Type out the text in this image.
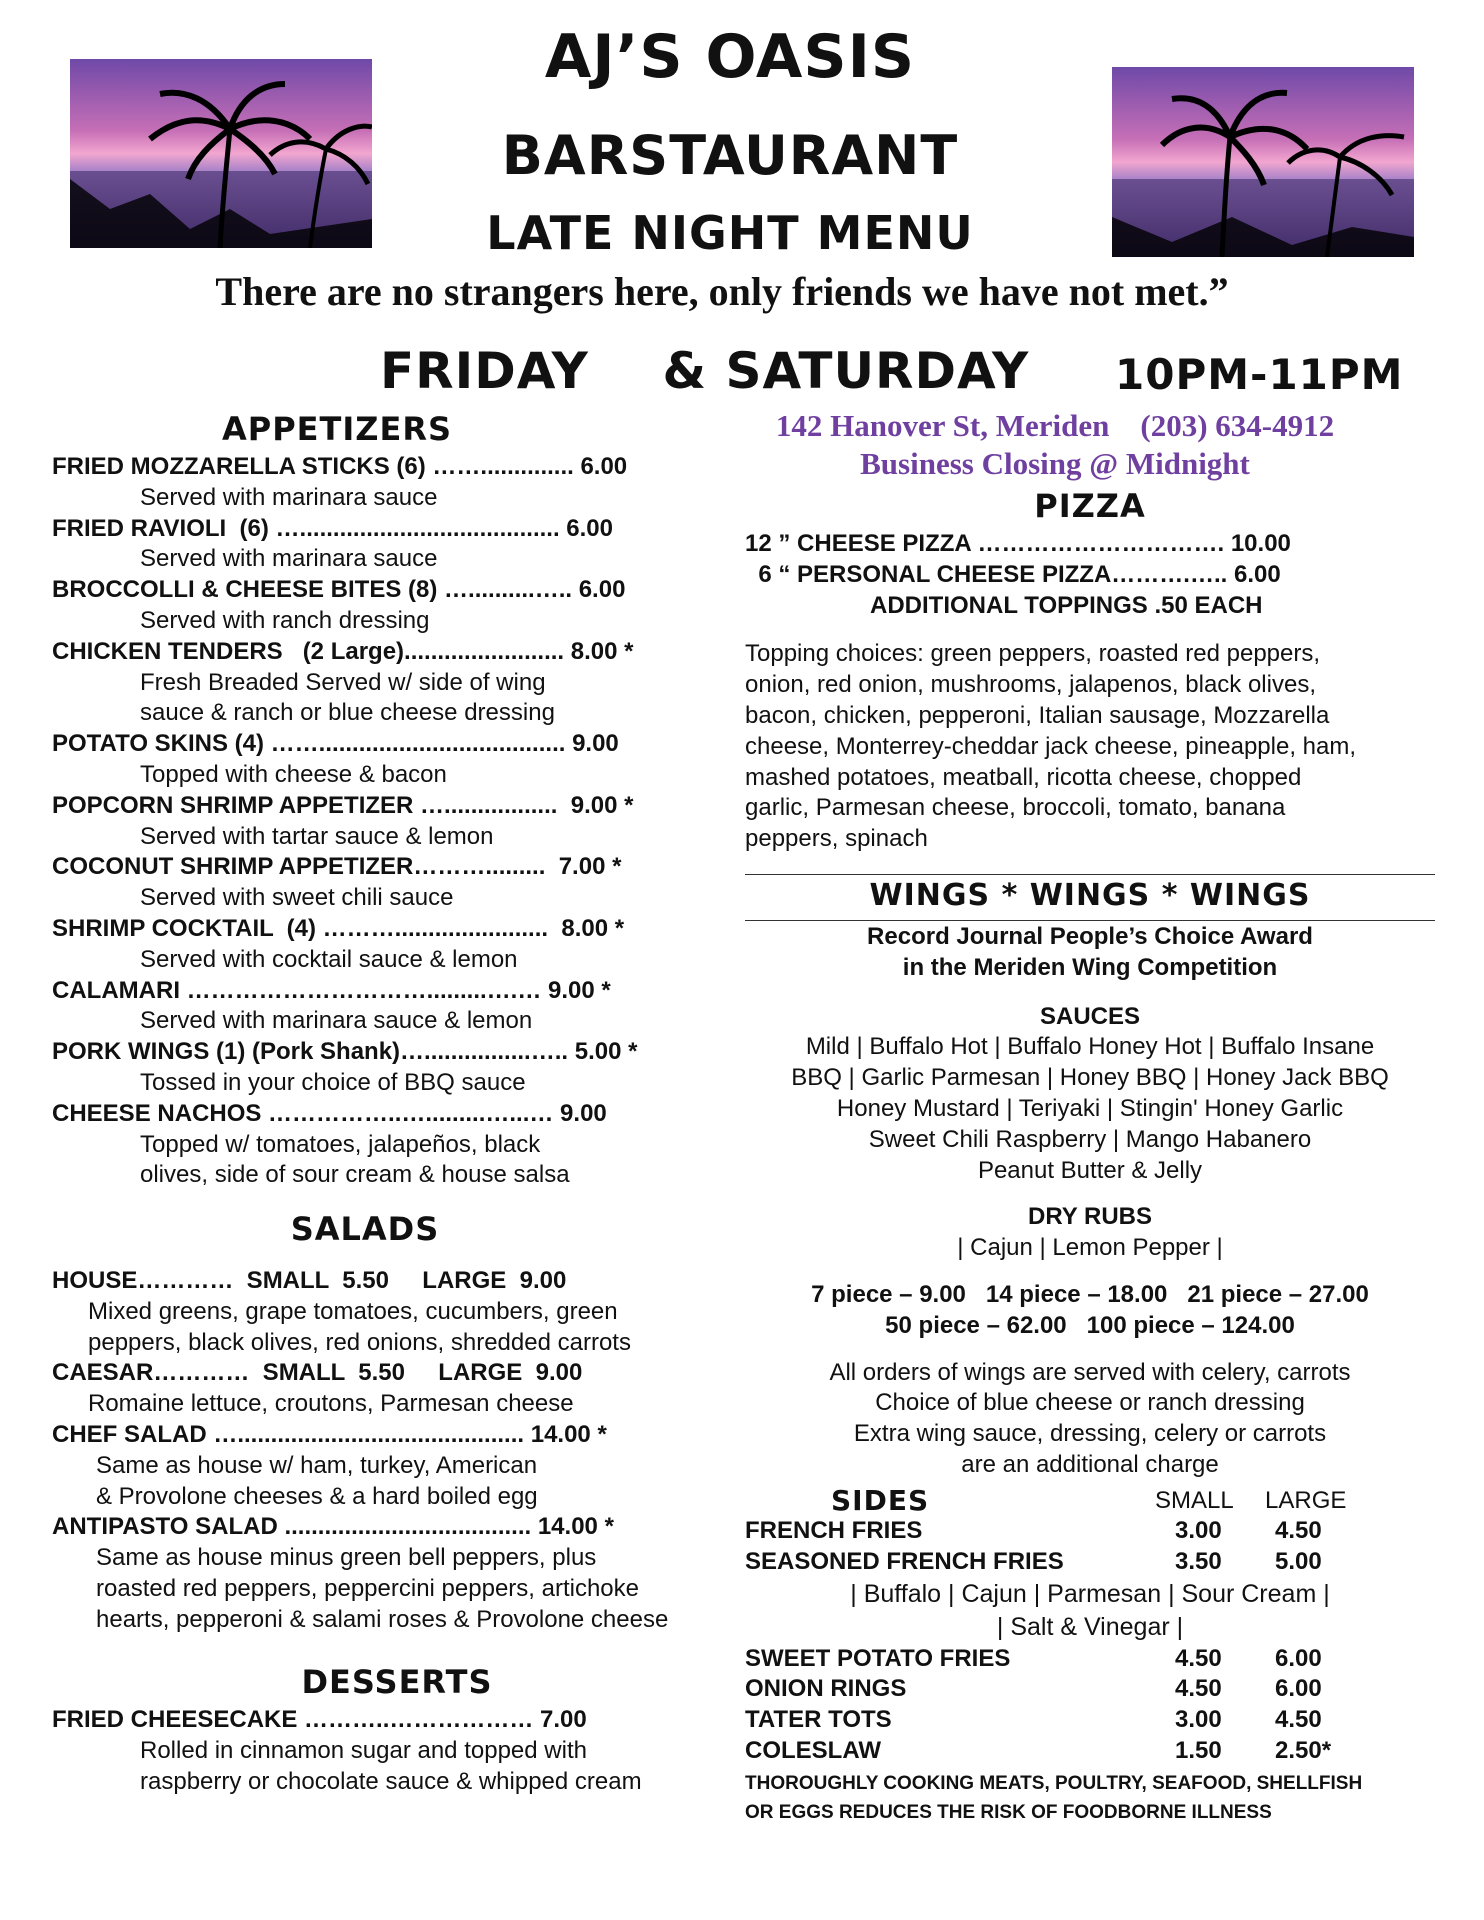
AJ’S OASIS
BARSTAURANT
LATE NIGHT MENU
There are no strangers here, only friends we have not met.”
FRIDAY    & SATURDAY 10PM-11PM
142 Hanover St, Meriden    (203) 634-4912
Business Closing @ Midnight
APPETIZERS
FRIED MOZZARELLA STICKS (6) …….............. 6.00
Served with marinara sauce
FRIED RAVIOLI  (6) …....................................... 6.00
Served with marinara sauce
BROCCOLLI & CHEESE BITES (8) …..........….. 6.00
Served with ranch dressing
CHICKEN TENDERS   (2 Large)........................ 8.00 *
Fresh Breaded Served w/ side of wing
sauce & ranch or blue cheese dressing
POTATO SKINS (4) ……..................................... 9.00
Topped with cheese & bacon
POPCORN SHRIMP APPETIZER ….................  9.00 *
Served with tartar sauce & lemon
COCONUT SHRIMP APPETIZER……….........  7.00 *
Served with sweet chili sauce
SHRIMP COCKTAIL  (4) ……….......................  8.00 *
Served with cocktail sauce & lemon
CALAMARI ………………………….........….… 9.00 *
Served with marinara sauce & lemon
PORK WINGS (1) (Pork Shank)…................….. 5.00 *
Tossed in your choice of BBQ sauce
CHEESE NACHOS ……………..….........…...… 9.00
Topped w/ tomatoes, jalapeños, black
olives, side of sour cream & house salsa
SALADS
HOUSE…………  SMALL  5.50     LARGE  9.00
Mixed greens, grape tomatoes, cucumbers, green
peppers, black olives, red onions, shredded carrots
CAESAR…………  SMALL  5.50     LARGE  9.00
Romaine lettuce, croutons, Parmesan cheese
CHEF SALAD …........................................... 14.00 *
Same as house w/ ham, turkey, American
& Provolone cheeses & a hard boiled egg
ANTIPASTO SALAD ..................................... 14.00 *
Same as house minus green bell peppers, plus
roasted red peppers, peppercini peppers, artichoke
hearts, pepperoni & salami roses & Provolone cheese
DESSERTS
FRIED CHEESECAKE ………..……………… 7.00
Rolled in cinnamon sugar and topped with
raspberry or chocolate sauce & whipped cream
PIZZA
12 ” CHEESE PIZZA …………………………. 10.00
6 “ PERSONAL CHEESE PIZZA……….….. 6.00
ADDITIONAL TOPPINGS .50 EACH
Topping choices: green peppers, roasted red peppers,
onion, red onion, mushrooms, jalapenos, black olives,
bacon, chicken, pepperoni, Italian sausage, Mozzarella
cheese, Monterrey-cheddar jack cheese, pineapple, ham,
mashed potatoes, meatball, ricotta cheese, chopped
garlic, Parmesan cheese, broccoli, tomato, banana
peppers, spinach
WINGS * WINGS * WINGS
Record Journal People’s Choice Award
in the Meriden Wing Competition
SAUCES
Mild | Buffalo Hot | Buffalo Honey Hot | Buffalo Insane
BBQ | Garlic Parmesan | Honey BBQ | Honey Jack BBQ
Honey Mustard | Teriyaki | Stingin' Honey Garlic
Sweet Chili Raspberry | Mango Habanero
Peanut Butter & Jelly
DRY RUBS
| Cajun | Lemon Pepper |
7 piece – 9.00   14 piece – 18.00   21 piece – 27.00
50 piece – 62.00   100 piece – 124.00
All orders of wings are served with celery, carrots
Choice of blue cheese or ranch dressing
Extra wing sauce, dressing, celery or carrots
are an additional charge
SIDES	SMALL	LARGE
FRENCH FRIES	3.00	4.50
SEASONED FRENCH FRIES	3.50	5.00
| Buffalo | Cajun | Parmesan | Sour Cream |
| Salt & Vinegar |
SWEET POTATO FRIES	4.50	6.00
ONION RINGS	4.50	6.00
TATER TOTS	3.00	4.50
COLESLAW	1.50	2.50*
THOROUGHLY COOKING MEATS, POULTRY, SEAFOOD, SHELLFISH
OR EGGS REDUCES THE RISK OF FOODBORNE ILLNESS
